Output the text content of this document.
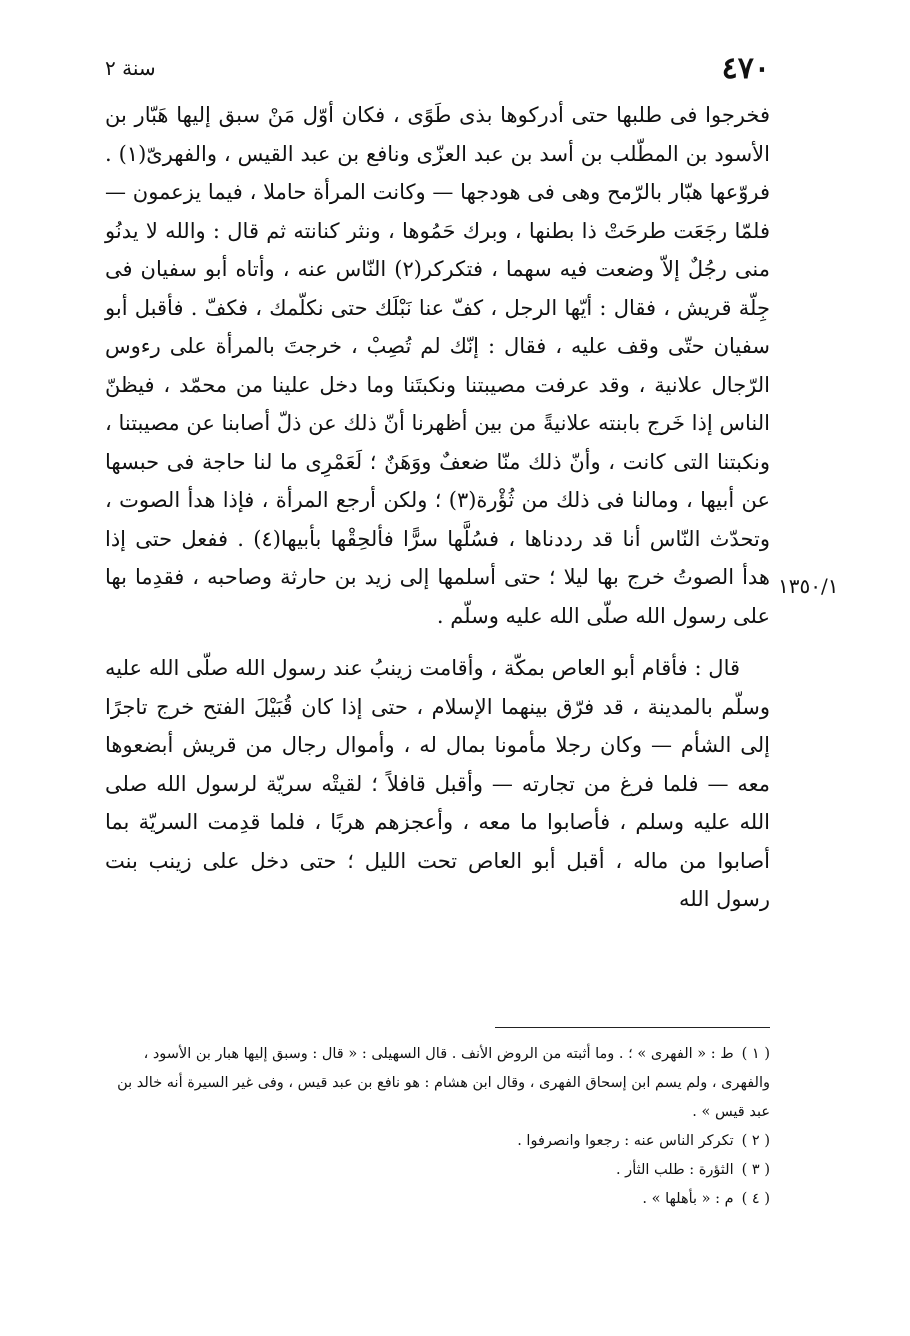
٤٧٠
سنة ٢

فخرجوا فى طلبها حتى أدركوها بذى طَوًى ، فكان أوّل مَنْ سبق إليها هَبّار بن الأسود بن المطّلب بن أسد بن عبد العزّى ونافع بن عبد القيس ، والفهرىّ(١) . فروّعها هبّار بالرّمح وهى فى هودجها — وكانت المرأة حاملا ، فيما يزعمون — فلمّا رجَعَت طرحَتْ ذا بطنها ، وبرك حَمُوها ، ونثر كنانته ثم قال : والله لا يدنُو منى رجُلٌ إلاّ وضعت فيه سهما ، فتكركر(٢) النّاس عنه ، وأتاه أبو سفيان فى جِلّة قريش ، فقال : أيّها الرجل ، كفّ عنا نَبْلَك حتى نكلّمك ، فكفّ . فأقبل أبو سفيان حتّى وقف عليه ، فقال : إنّك لم تُصِبْ ، خرجتَ بالمرأة على رءوس الرّجال علانية ، وقد عرفت مصيبتنا ونكبتَنا وما دخل علينا من محمّد ، فيظنّ الناس إذا خَرج بابنته علانيةً من بين أظهرنا أنّ ذلك عن ذلّ أصابنا عن مصيبتنا ، ونكبتنا التى كانت ، وأنّ ذلك منّا ضعفٌ ووَهَنٌ ؛ لَعَمْرِى ما لنا حاجة فى حبسها عن أبيها ، ومالنا فى ذلك من ثُؤْرة(٣) ؛ ولكن أرجع المرأة ، فإذا هدأ الصوت ، وتحدّث النّاس أنا قد رددناها ، فسُلَّها سرًّا فألحِقْها بأبيها(٤) . ففعل حتى إذا هدأ الصوتُ خرج بها ليلا ؛ حتى أسلمها إلى زيد بن حارثة وصاحبه ، فقدِما بها على رسول الله صلّى الله عليه وسلّم .

قال : فأقام أبو العاص بمكّة ، وأقامت زينبُ عند رسول الله صلّى الله عليه وسلّم بالمدينة ، قد فرّق بينهما الإسلام ، حتى إذا كان قُبَيْلَ الفتح خرج تاجرًا إلى الشأم — وكان رجلا مأمونا بمال له ، وأموال رجال من قريش أبضعوها معه — فلما فرغ من تجارته — وأقبل قافلاً ؛ لقيتْه سريّة لرسول الله صلى الله عليه وسلم ، فأصابوا ما معه ، وأعجزهم هربًا ، فلما قدِمت السريّة بما أصابوا من ماله ، أقبل أبو العاص تحت الليل ؛ حتى دخل على زينب بنت رسول الله

١٣٥٠/١
( ١ )ط : « الفهرى » ؛ . وما أثبته من الروض الأنف . قال السهيلى : « قال : وسبق إليها هبار بن الأسود ، والفهرى ، ولم يسم ابن إسحاق الفهرى ، وقال ابن هشام : هو نافع بن عبد قيس ، وفى غير السيرة أنه خالد بن عبد قيس » .
( ٢ )تكركر الناس عنه : رجعوا وانصرفوا .
( ٣ )الثؤرة : طلب الثأر .
( ٤ )م : « بأهلها » .
